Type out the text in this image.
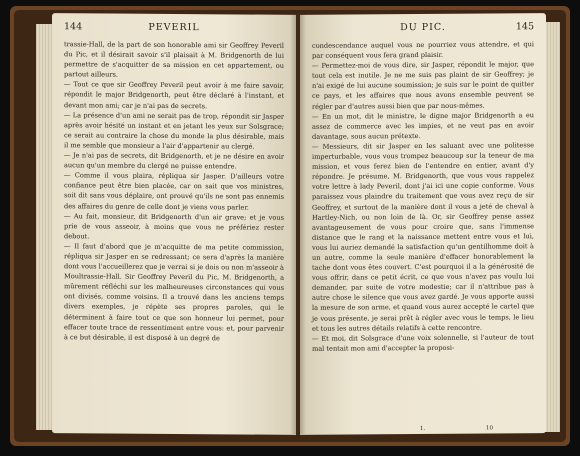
144	PEVERIL

trassie-Hall, de la part de son honorable ami sir Geoffrey Peveril du Pic, et il désirait savoir s'il plaisait à M. Bridgenorth de lui permettre de s'acquitter de sa mission en cet appartement, ou partout ailleurs.

— Tout ce que sir Geoffrey Peveril peut avoir à me faire savoir, répondit le major Bridgenorth, peut être déclaré à l'instant, et devant mon ami; car je n'ai pas de secrets.

— La présence d'un ami ne serait pas de trop, répondit sir Jasper après avoir hésité un instant et en jetant les yeux sur Solsgrace; ce serait au contraire la chose du monde la plus désirable, mais il me semble que monsieur a l'air d'appartenir au clergé.

— Je n'ai pas de secrets, dit Bridgenorth, et je ne désire en avoir aucun qu'un membre du clergé ne puisse entendre.

— Comme il vous plaira, répliqua sir Jasper. D'ailleurs votre confiance peut être bien placée, car on sait que vos ministres, soit dit sans vous déplaire, ont prouvé qu'ils ne sont pas ennemis des affaires du genre de celle dont je viens vous parler.

— Au fait, monsieur, dit Bridgenorth d'un air grave; et je vous prie de vous asseoir, à moins que vous ne préfériez rester debout.

— Il faut d'abord que je m'acquitte de ma petite commission, répliqua sir Jasper en se redressant; ce sera d'après la manière dont vous l'accueillerez que je verrai si je dois ou non m'asseoir à Moultrassie-Hall. Sir Geoffrey Peveril du Pic, M. Bridgenorth, a mûrement réfléchi sur les malheureuses circonstances qui vous ont divisés, comme voisins. Il a trouvé dans les anciens temps divers exemples, je répète ses propres paroles, qui le déterminent à faire tout ce que son honneur lui permet, pour effacer toute trace de ressentiment entre vous: et, pour parvenir à ce but désirable, il est disposé à un degré de

DU PIC.	145

condescendance auquel vous ne pourriez vous attendre, et qui par conséquent vous fera grand plaisir.

— Permettez-moi de vous dire, sir Jasper, répondit le major, que tout cela est inutile. Je ne me suis pas plaint de sir Geoffrey; je n'ai exigé de lui aucune soumission; je suis sur le point de quitter ce pays, et les affaires que nous avons ensemble peuvent se régler par d'autres aussi bien que par nous-mêmes.

— En un mot, dit le ministre, le digne major Bridgenorth a eu assez de commerce avec les impies, et ne veut pas en avoir davantage, sous aucun prétexte.

— Messieurs, dit sir Jasper en les saluant avec une politesse imperturbable, vous vous trompez beaucoup sur la teneur de ma mission, et vous ferez bien de l'entendre en entier, avant d'y répondre. Je présume, M. Bridgenorth, que vous vous rappelez votre lettre à lady Peveril, dont j'ai ici une copie conforme. Vous paraissez vous plaindre du traitement que vous avez reçu de sir Geoffrey, et surtout de la manière dont il vous a jeté de cheval à Hartley-Nich, ou non loin de là. Or, sir Geoffrey pense assez avantageusement de vous pour croire que, sans l'immense distance que le rang et la naissance mettent entre vous et lui, vous lui auriez demandé la satisfaction qu'un gentilhomme doit à un autre, comme la seule manière d'effacer honorablement la tache dont vous êtes couvert. C'est pourquoi il a la générosité de vous offrir, dans ce petit écrit, ce que vous n'avez pas voulu lui demander, par suite de votre modestie; car il n'attribue pas à autre chose le silence que vous avez gardé. Je vous apporte aussi la mesure de son arme, et quand vous aurez accepté le cartel que je vous présente, je serai prêt à régler avec vous le temps, le lieu et tous les autres détails relatifs à cette rencontre.

— Et moi, dit Solsgrace d'une voix solennelle, si l'auteur de tout mal tentait mon ami d'accepter la proposi-

1.	10
